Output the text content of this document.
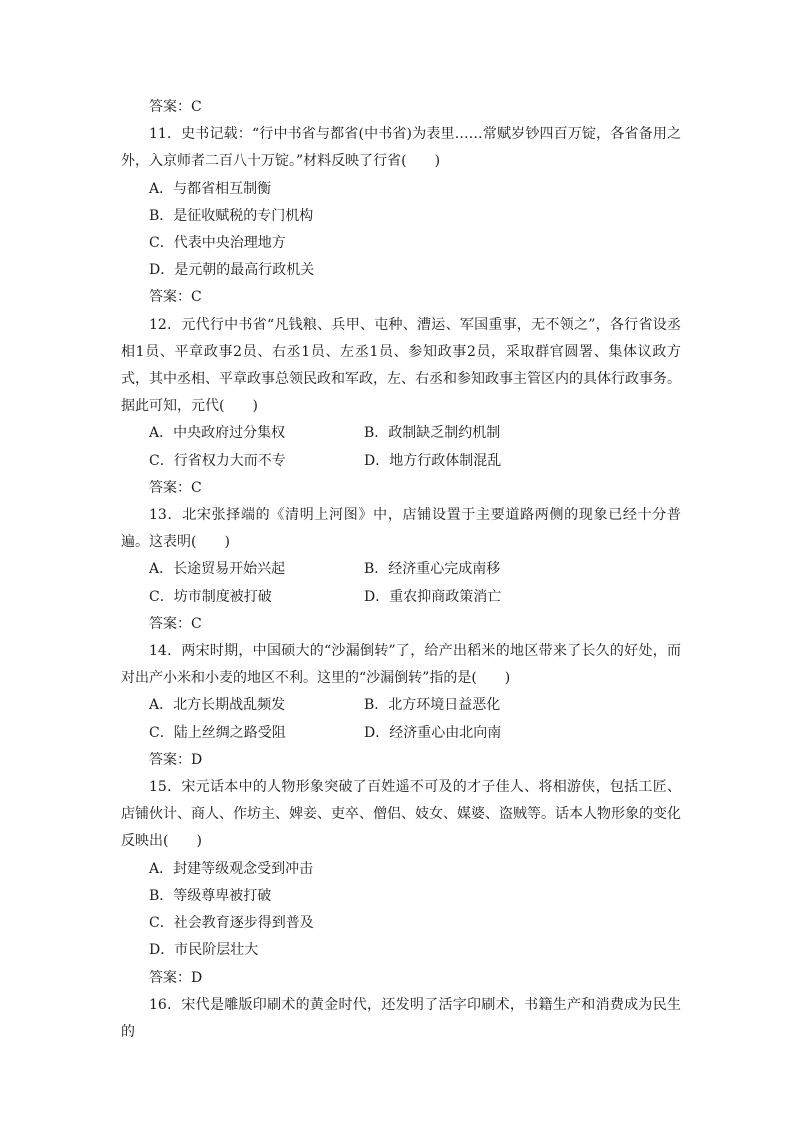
答案：C

11．史书记载：“行中书省与都省(中书省)为表里……常赋岁钞四百万锭，各省备用之外，入京师者二百八十万锭。”材料反映了行省(　　)

A．与都省相互制衡

B．是征收赋税的专门机构

C．代表中央治理地方

D．是元朝的最高行政机关

答案：C

12．元代行中书省“凡钱粮、兵甲、屯种、漕运、军国重事，无不领之”，各行省设丞相1员、平章政事2员、右丞1员、左丞1员、参知政事2员，采取群官圆署、集体议政方式，其中丞相、平章政事总领民政和军政，左、右丞和参知政事主管区内的具体行政事务。据此可知，元代(　　)

A．中央政府过分集权	B．政制缺乏制约机制
C．行省权力大而不专	D．地方行政体制混乱

答案：C

13．北宋张择端的《清明上河图》中，店铺设置于主要道路两侧的现象已经十分普遍。这表明(　　)

A．长途贸易开始兴起	B．经济重心完成南移
C．坊市制度被打破	D．重农抑商政策消亡

答案：C

14．两宋时期，中国硕大的“沙漏倒转”了，给产出稻米的地区带来了长久的好处，而对出产小米和小麦的地区不利。这里的“沙漏倒转”指的是(　　)

A．北方长期战乱频发	B．北方环境日益恶化
C．陆上丝绸之路受阻	D．经济重心由北向南

答案：D

15．宋元话本中的人物形象突破了百姓遥不可及的才子佳人、将相游侠，包括工匠、店铺伙计、商人、作坊主、婢妾、吏卒、僧侣、妓女、媒婆、盗贼等。话本人物形象的变化反映出(　　)

A．封建等级观念受到冲击

B．等级尊卑被打破

C．社会教育逐步得到普及

D．市民阶层壮大

答案：D

16．宋代是雕版印刷术的黄金时代，还发明了活字印刷术，书籍生产和消费成为民生的
